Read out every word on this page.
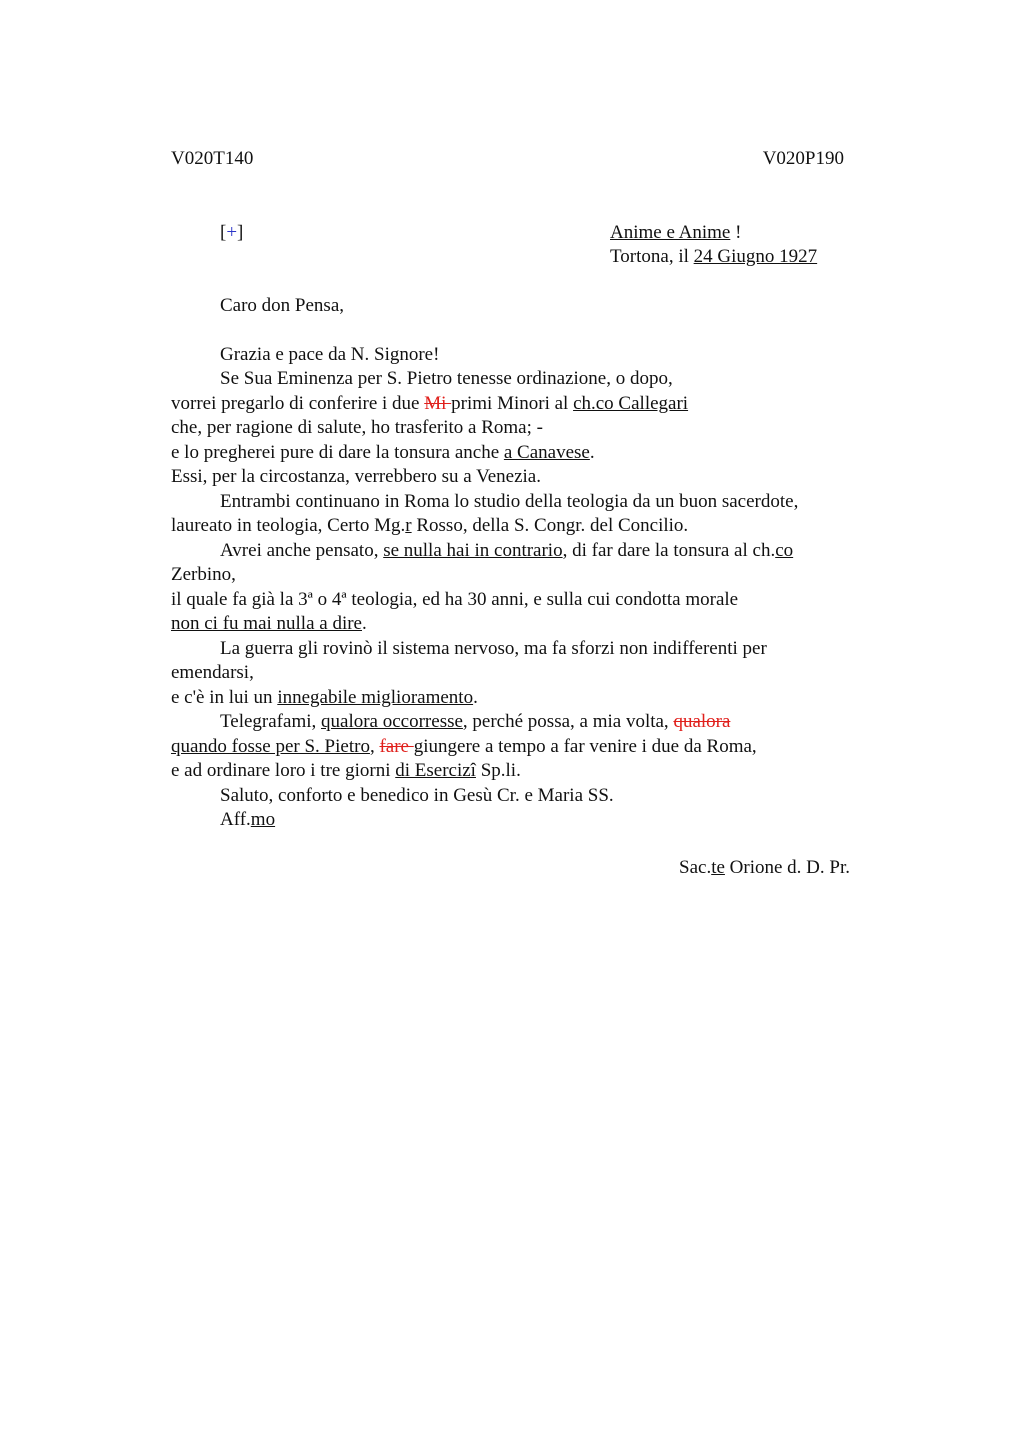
V020T140	V020P190
[+]	Anime e Anime !
Tortona, il 24 Giugno 1927
Caro don Pensa,
Grazia e pace da N. Signore!
Se Sua Eminenza per S. Pietro tenesse ordinazione, o dopo,
vorrei pregarlo di conferire i due Mi primi Minori al ch.co Callegari
che, per ragione di salute, ho trasferito a Roma; -
e lo pregherei pure di dare la tonsura anche a Canavese.
Essi, per la circostanza, verrebbero su a Venezia.
Entrambi continuano in Roma lo studio della teologia da un buon sacerdote,
laureato in teologia, Certo Mg.r Rosso, della S. Congr. del Concilio.
Avrei anche pensato, se nulla hai in contrario, di far dare la tonsura al ch.co
Zerbino,
il quale fa già la 3ª o 4ª teologia, ed ha 30 anni, e sulla cui condotta morale
non ci fu mai nulla a dire.
La guerra gli rovinò il sistema nervoso, ma fa sforzi non indifferenti per
emendarsi,
e c'è in lui un innegabile miglioramento.
Telegrafami, qualora occorresse, perché possa, a mia volta, qualora
quando fosse per S. Pietro, fare giungere a tempo a far venire i due da Roma,
e ad ordinare loro i tre giorni di Esercizi Sp.li.
Saluto, conforto e benedico in Gesù Cr. e Maria SS.
Aff.mo
Sac.te Orione d. D. Pr.
